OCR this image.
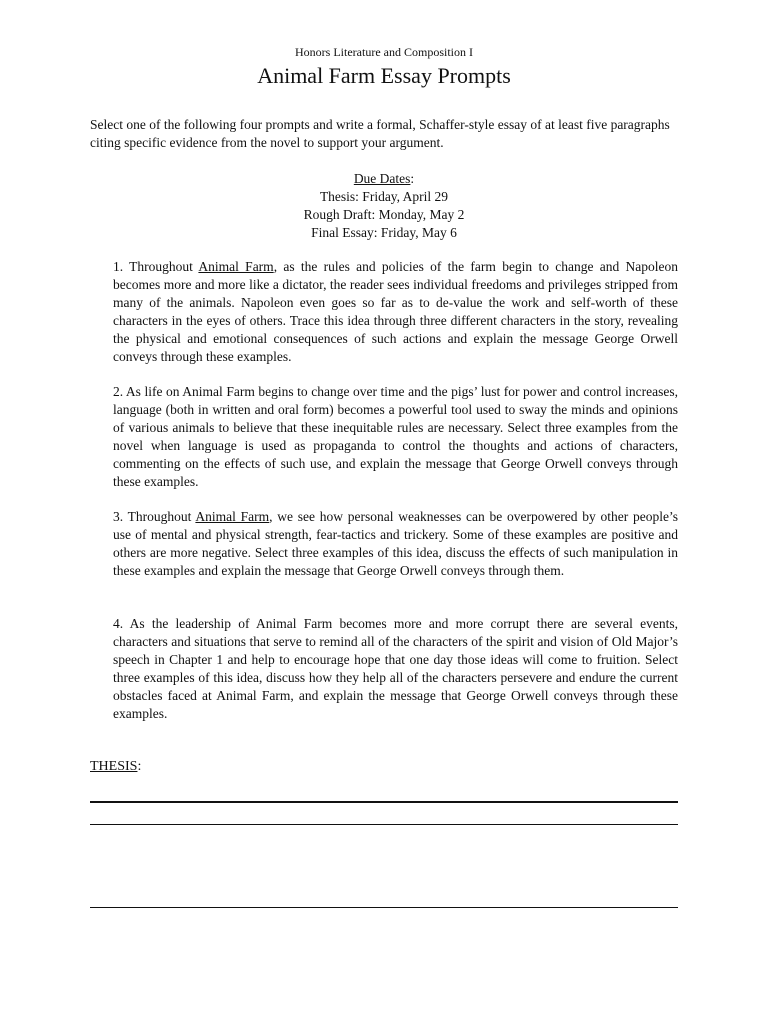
Honors Literature and Composition I
Animal Farm Essay Prompts

Select one of the following four prompts and write a formal, Schaffer-style essay of at least five paragraphs citing specific evidence from the novel to support your argument.

Due Dates:
Thesis: Friday, April 29
Rough Draft: Monday, May 2
Final Essay: Friday, May 6

1. Throughout Animal Farm, as the rules and policies of the farm begin to change and Napoleon becomes more and more like a dictator, the reader sees individual freedoms and privileges stripped from many of the animals. Napoleon even goes so far as to de-value the work and self-worth of these characters in the eyes of others. Trace this idea through three different characters in the story, revealing the physical and emotional consequences of such actions and explain the message George Orwell conveys through these examples.

2. As life on Animal Farm begins to change over time and the pigs’ lust for power and control increases, language (both in written and oral form) becomes a powerful tool used to sway the minds and opinions of various animals to believe that these inequitable rules are necessary. Select three examples from the novel when language is used as propaganda to control the thoughts and actions of characters, commenting on the effects of such use, and explain the message that George Orwell conveys through these examples.

3. Throughout Animal Farm, we see how personal weaknesses can be overpowered by other people’s use of mental and physical strength, fear-tactics and trickery. Some of these examples are positive and others are more negative. Select three examples of this idea, discuss the effects of such manipulation in these examples and explain the message that George Orwell conveys through them.

4. As the leadership of Animal Farm becomes more and more corrupt there are several events, characters and situations that serve to remind all of the characters of the spirit and vision of Old Major’s speech in Chapter 1 and help to encourage hope that one day those ideas will come to fruition. Select three examples of this idea, discuss how they help all of the characters persevere and endure the current obstacles faced at Animal Farm, and explain the message that George Orwell conveys through these examples.

THESIS:
